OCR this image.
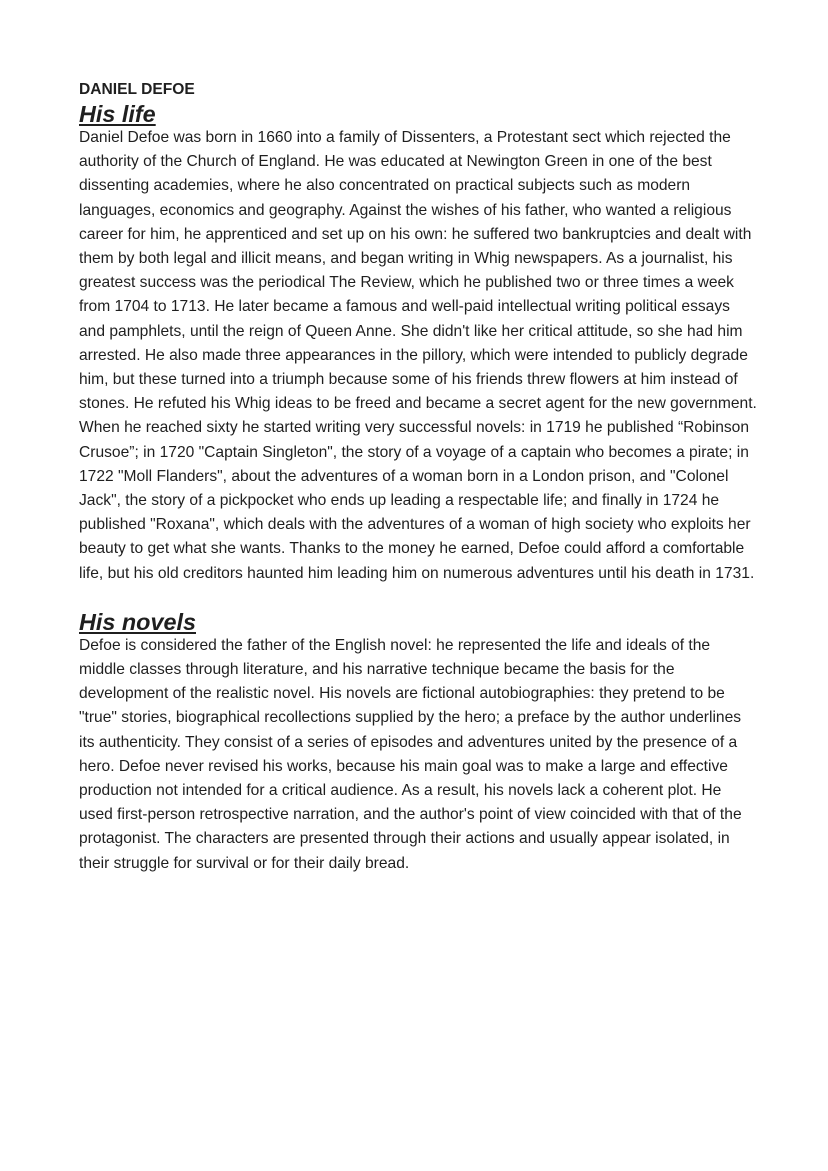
DANIEL DEFOE
His life

Daniel Defoe was born in 1660 into a family of Dissenters, a Protestant sect which rejected the authority of the Church of England. He was educated at Newington Green in one of the best dissenting academies, where he also concentrated on practical subjects such as modern languages, economics and geography. Against the wishes of his father, who wanted a religious career for him, he apprenticed and set up on his own: he suffered two bankruptcies and dealt with them by both legal and illicit means, and began writing in Whig newspapers. As a journalist, his greatest success was the periodical The Review, which he published two or three times a week from 1704 to 1713. He later became a famous and well-paid intellectual writing political essays and pamphlets, until the reign of Queen Anne. She didn't like her critical attitude, so she had him arrested. He also made three appearances in the pillory, which were intended to publicly degrade him, but these turned into a triumph because some of his friends threw flowers at him instead of stones. He refuted his Whig ideas to be freed and became a secret agent for the new government. When he reached sixty he started writing very successful novels: in 1719 he published “Robinson Crusoe”; in 1720 "Captain Singleton", the story of a voyage of a captain who becomes a pirate; in 1722 "Moll Flanders", about the adventures of a woman born in a London prison, and "Colonel Jack", the story of a pickpocket who ends up leading a respectable life; and finally in 1724 he published "Roxana", which deals with the adventures of a woman of high society who exploits her beauty to get what she wants. Thanks to the money he earned, Defoe could afford a comfortable life, but his old creditors haunted him leading him on numerous adventures until his death in 1731.

His novels

Defoe is considered the father of the English novel: he represented the life and ideals of the middle classes through literature, and his narrative technique became the basis for the development of the realistic novel. His novels are fictional autobiographies: they pretend to be "true" stories, biographical recollections supplied by the hero; a preface by the author underlines its authenticity. They consist of a series of episodes and adventures united by the presence of a hero. Defoe never revised his works, because his main goal was to make a large and effective production not intended for a critical audience. As a result, his novels lack a coherent plot. He used first-person retrospective narration, and the author's point of view coincided with that of the protagonist. The characters are presented through their actions and usually appear isolated, in their struggle for survival or for their daily bread.
